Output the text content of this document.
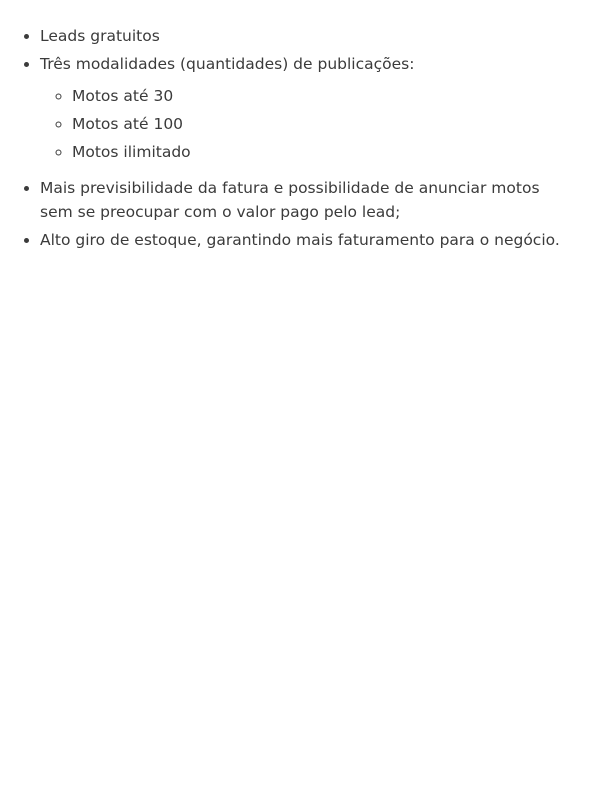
• Leads gratuitos
• Três modalidades (quantidades) de publicações:
◦ Motos até 30
◦ Motos até 100
◦ Motos ilimitado
• Mais previsibilidade da fatura e possibilidade de anunciar motos sem se preocupar com o valor pago pelo lead;
• Alto giro de estoque, garantindo mais faturamento para o negócio.
